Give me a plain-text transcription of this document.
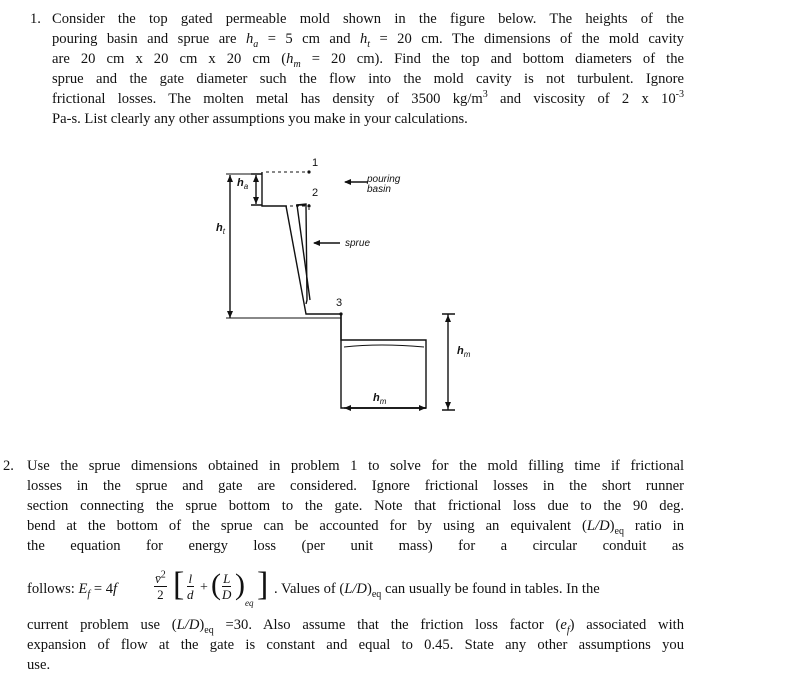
1. Consider the top gated permeable mold shown in the figure below. The heights of the
pouring basin and sprue are $h_a = 5$ cm and $h_t = 20$ cm. The dimensions of the mold cavity
are 20 cm x 20 cm x 20 cm ($h_m = 20$ cm). Find the top and bottom diameters of the
sprue and the gate diameter such the flow into the mold cavity is not turbulent. Ignore
frictional losses. The molten metal has density of 3500 $kg/m^3$ and viscosity of 2 x $10^{-3}$
Pa-s. List clearly any other assumptions you make in your calculations.
$h_a$
$h_t$
$h_m$
$h_m$
1
2
3
pouring
basin
sprue
2. Use the sprue dimensions obtained in problem 1 to solve for the mold filling time if frictional
losses in the sprue and gate are considered. Ignore frictional losses in the short runner
section connecting the sprue bottom to the gate. Note that frictional loss due to the 90 deg.
bend at the bottom of the sprue can be accounted for by using an equivalent $(L/D)_{eq}$ ratio in
the equation for energy loss (per unit mass) for a circular conduit as
follows: $E_f = 4f$	$\frac{v̄^2}{2}$ [ $\frac{l}{d}$ + ( $\frac{L}{D}$ )
eq ] . Values of $(L/D)_{eq}$ can usually be found in tables. In the
current problem use $(L/D)_{eq} =30$. Also assume that the friction loss factor $(e_f)$ associated with
expansion of flow at the gate is constant and equal to 0.45. State any other assumptions you
use.
